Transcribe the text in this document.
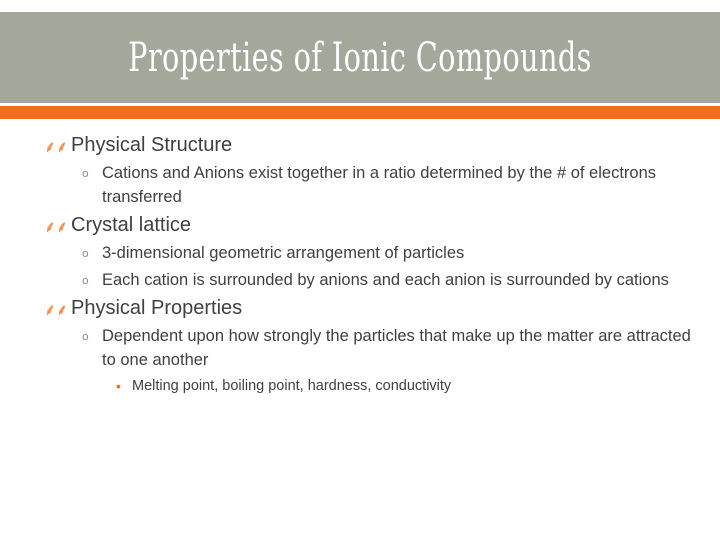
Properties of Ionic Compounds
⸙⸙ Physical Structure
o Cations and Anions exist together in a ratio determined by the # of electrons transferred
⸙⸙ Crystal lattice
o 3-dimensional geometric arrangement of particles
o Each cation is surrounded by anions and each anion is surrounded by cations
⸙⸙ Physical Properties
o Dependent upon how strongly the particles that make up the matter are attracted to one another
• Melting point, boiling point, hardness, conductivity
